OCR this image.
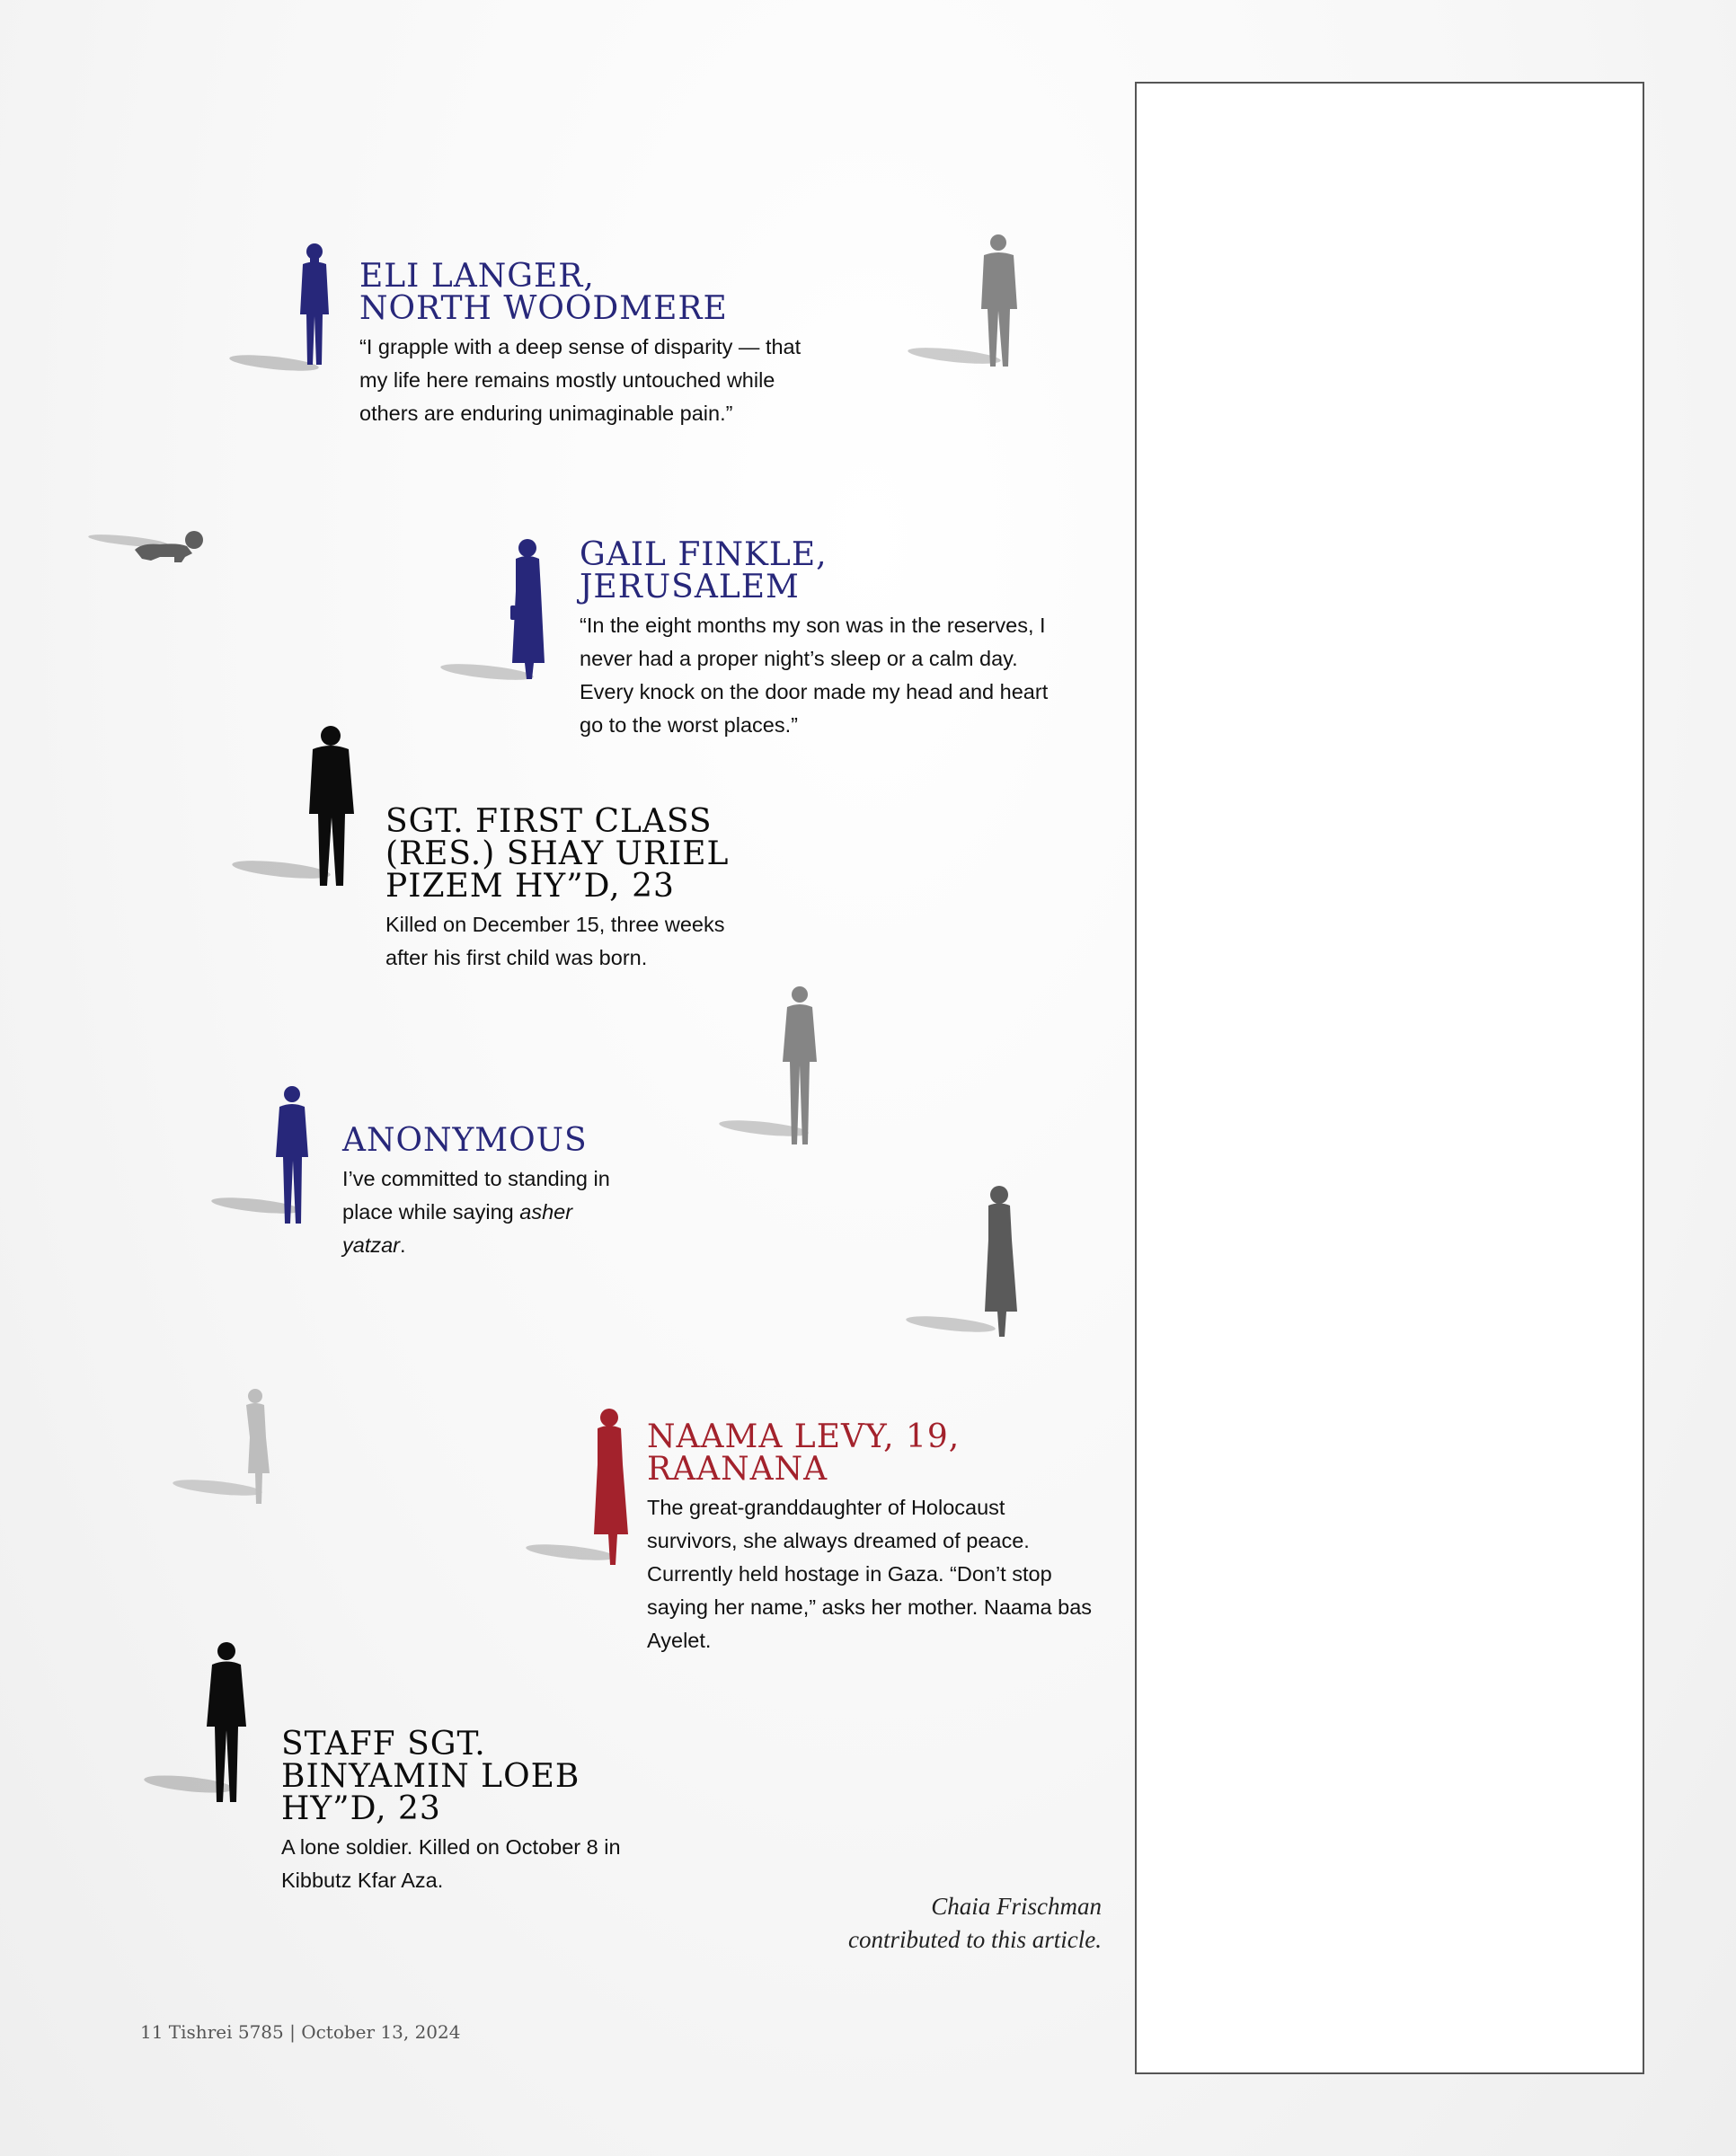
ELI LANGER,
NORTH WOODMERE

“I grapple with a deep sense of disparity — that my life here remains mostly untouched while others are enduring unimaginable pain.”

GAIL FINKLE,
JERUSALEM

“In the eight months my son was in the reserves, I never had a proper night’s sleep or a calm day. Every knock on the door made my head and heart go to the worst places.”

SGT. FIRST CLASS
(RES.) SHAY URIEL
PIZEM HY”D, 23

Killed on December 15, three weeks after his first child was born.

ANONYMOUS

I’ve committed to standing in place while saying asher yatzar.

NAAMA LEVY, 19,
RAANANA

The great-granddaughter of Holocaust survivors, she always dreamed of peace. Currently held hostage in Gaza. “Don’t stop saying her name,” asks her mother. Naama bas Ayelet.

STAFF SGT.
BINYAMIN LOEB
HY”D, 23

A lone soldier. Killed on October 8 in Kibbutz Kfar Aza.

Chaia Frischman
contributed to this article.
11 Tishrei 5785 | October 13, 2024
